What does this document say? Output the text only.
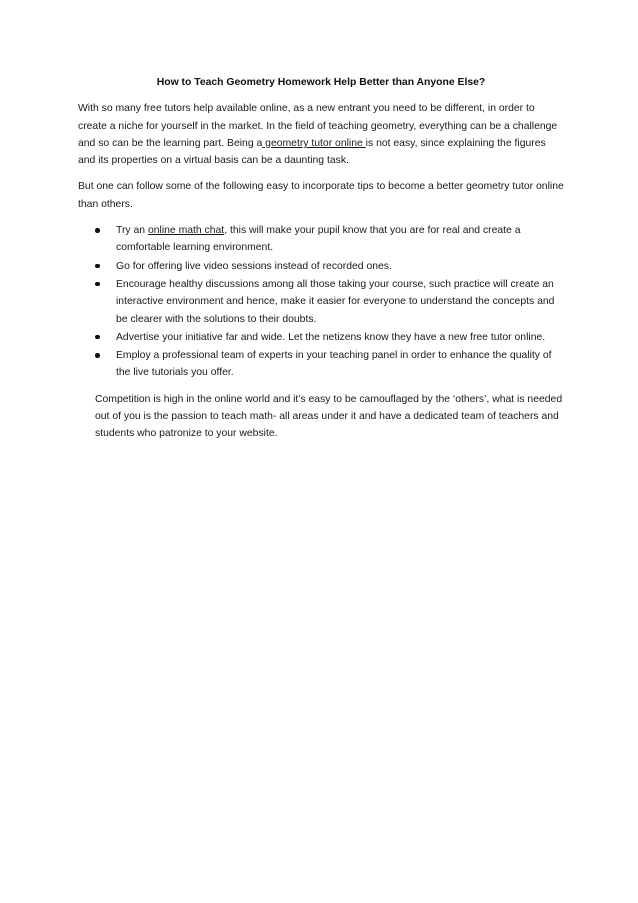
How to Teach Geometry Homework Help Better than Anyone Else?

With so many free tutors help available online, as a new entrant you need to be different, in order to create a niche for yourself in the market. In the field of teaching geometry, everything can be a challenge and so can be the learning part. Being a geometry tutor online is not easy, since explaining the figures and its properties on a virtual basis can be a daunting task.

But one can follow some of the following easy to incorporate tips to become a better geometry tutor online than others.

Try an online math chat, this will make your pupil know that you are for real and create a comfortable learning environment.
Go for offering live video sessions instead of recorded ones.
Encourage healthy discussions among all those taking your course, such practice will create an interactive environment and hence, make it easier for everyone to understand the concepts and be clearer with the solutions to their doubts.
Advertise your initiative far and wide. Let the netizens know they have a new free tutor online.
Employ a professional team of experts in your teaching panel in order to enhance the quality of the live tutorials you offer.

Competition is high in the online world and it’s easy to be camouflaged by the ‘others’, what is needed out of you is the passion to teach math- all areas under it and have a dedicated team of teachers and students who patronize to your website.
